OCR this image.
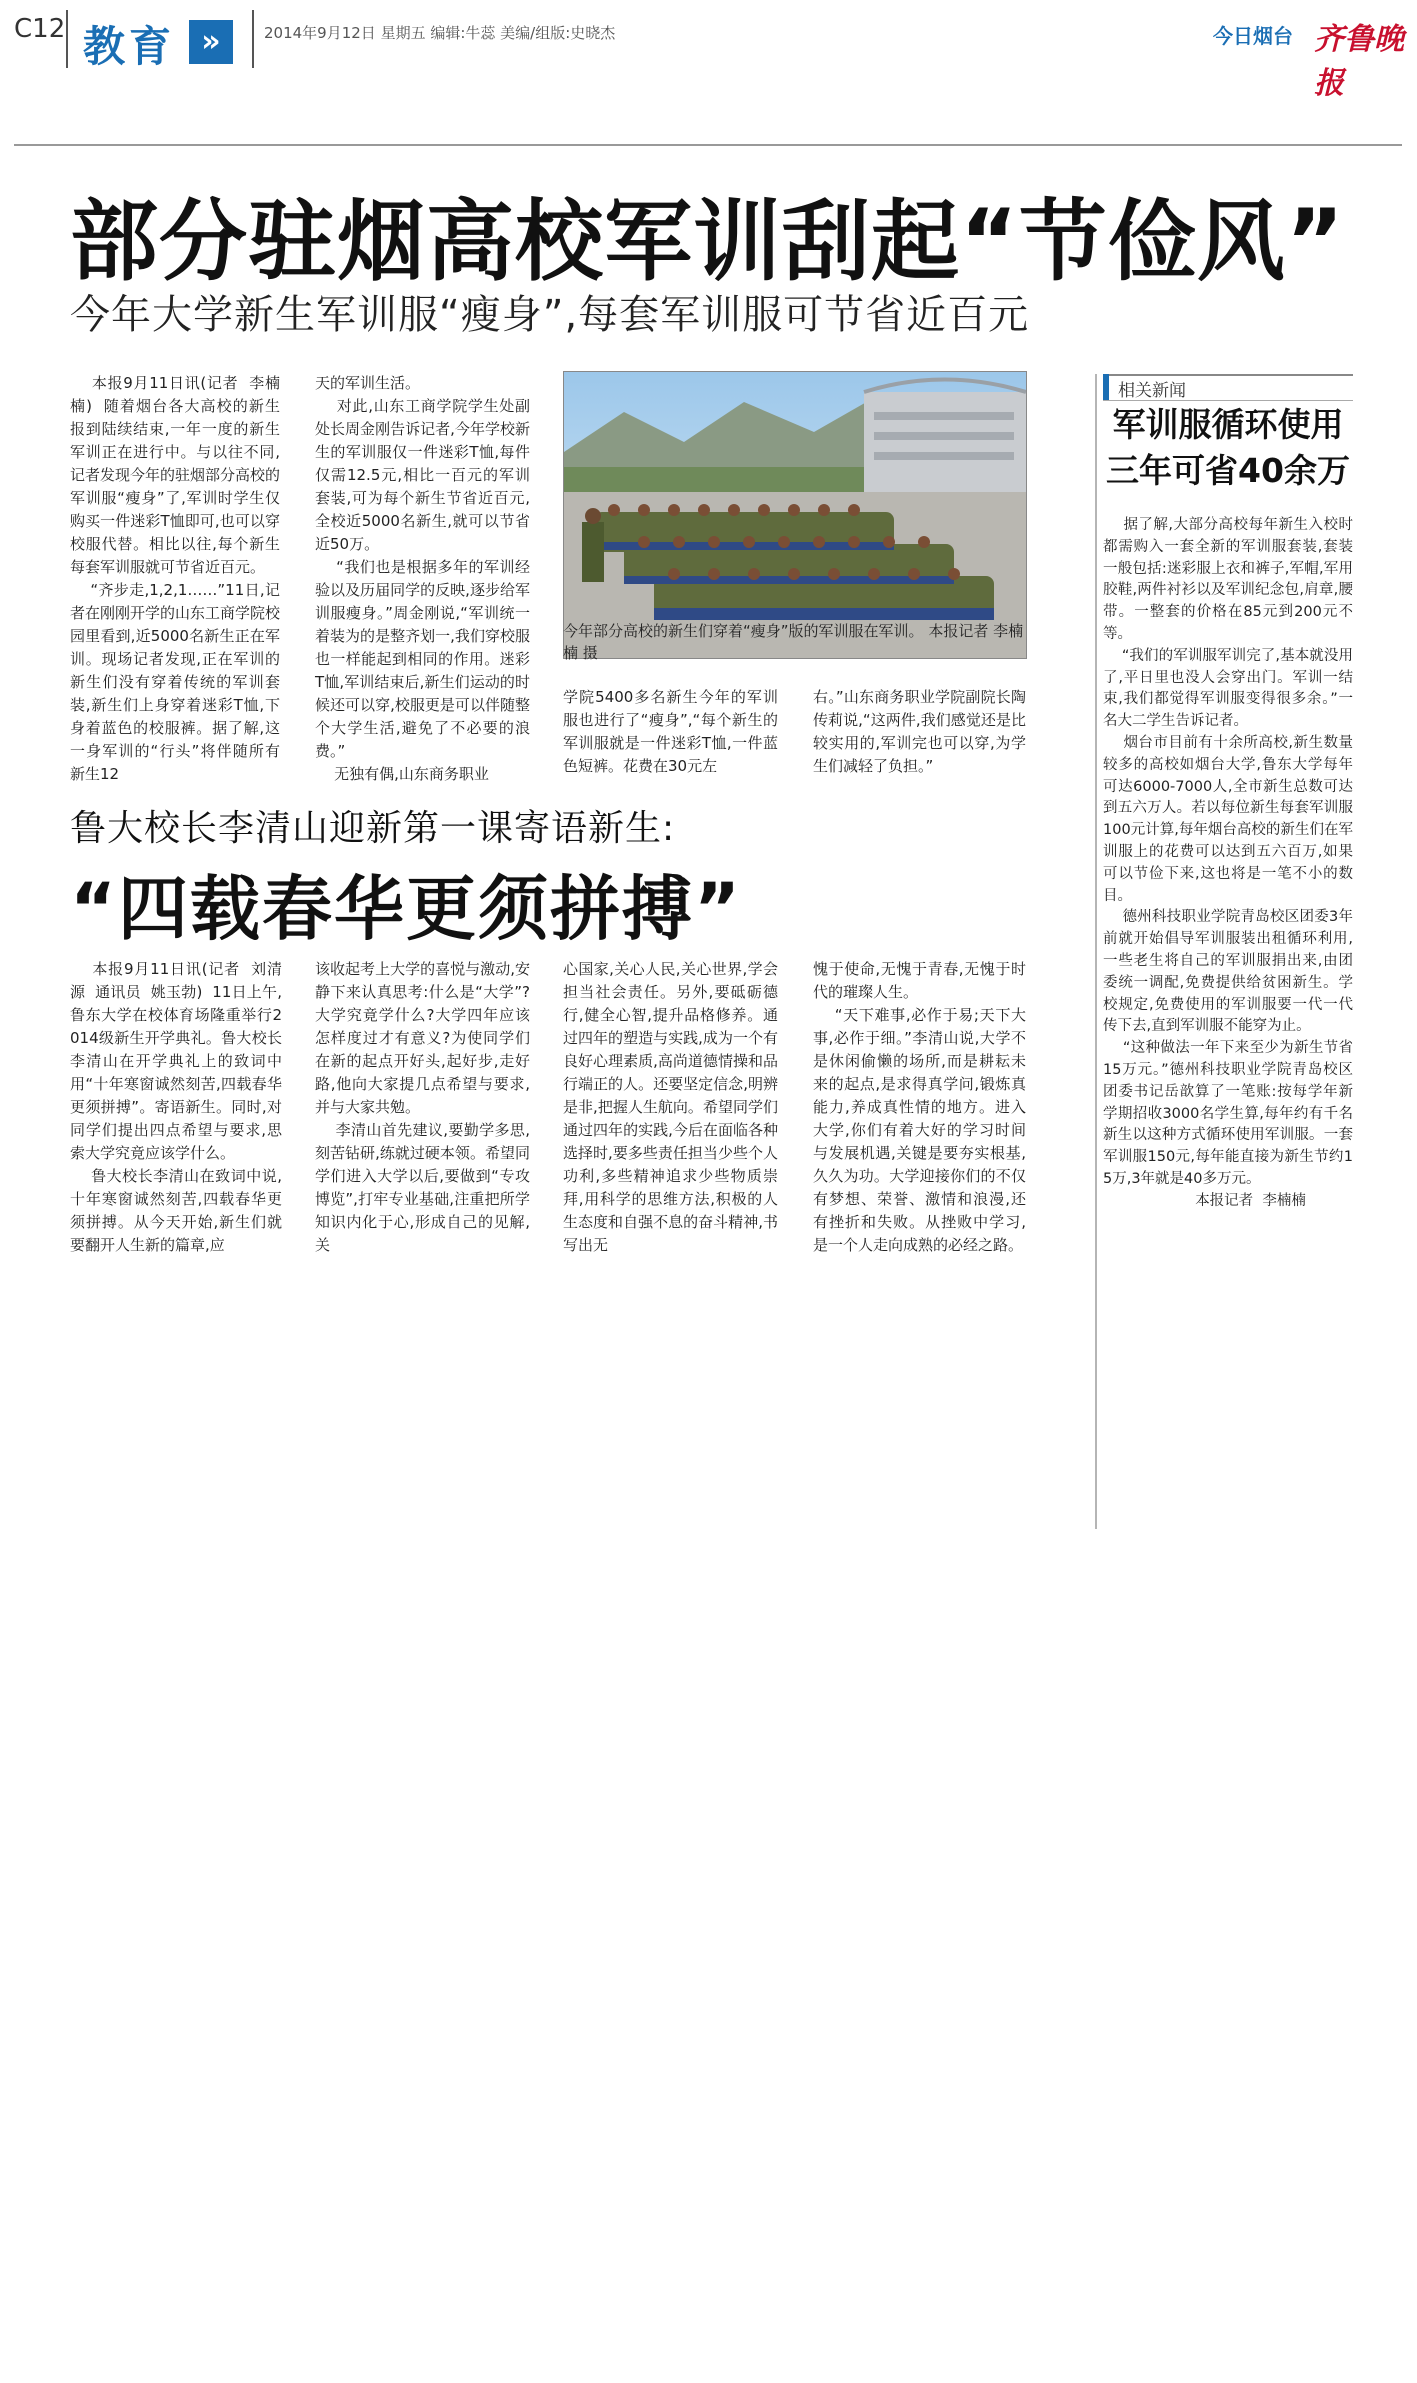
C12 教育 »	2014年9月12日 星期五 编辑:牛蕊 美编/组版:史晓杰	今日烟台 齐鲁晚报
部分驻烟高校军训刮起“节俭风”
今年大学新生军训服“瘦身”,每套军训服可节省近百元
本报9月11日讯(记者  李楠楠)  随着烟台各大高校的新生报到陆续结束,一年一度的新生军训正在进行中。与以往不同,记者发现今年的驻烟部分高校的军训服“瘦身”了,军训时学生仅购买一件迷彩T恤即可,也可以穿校服代替。相比以往,每个新生每套军训服就可节省近百元。
“齐步走,1,2,1……”11日,记者在刚刚开学的山东工商学院校园里看到,近5000名新生正在军训。现场记者发现,正在军训的新生们没有穿着传统的军训套装,新生们上身穿着迷彩T恤,下身着蓝色的校服裤。据了解,这一身军训的“行头”将伴随所有新生12
天的军训生活。
对此,山东工商学院学生处副处长周金刚告诉记者,今年学校新生的军训服仅一件迷彩T恤,每件仅需12.5元,相比一百元的军训套装,可为每个新生节省近百元,全校近5000名新生,就可以节省近50万。
“我们也是根据多年的军训经验以及历届同学的反映,逐步给军训服瘦身。”周金刚说,“军训统一着装为的是整齐划一,我们穿校服也一样能起到相同的作用。迷彩T恤,军训结束后,新生们运动的时候还可以穿,校服更是可以伴随整个大学生活,避免了不必要的浪费。”
无独有偶,山东商务职业
今年部分高校的新生们穿着“瘦身”版的军训服在军训。 本报记者 李楠楠 摄
学院5400多名新生今年的军训服也进行了“瘦身”,“每个新生的军训服就是一件迷彩T恤,一件蓝色短裤。花费在30元左
右。”山东商务职业学院副院长陶传莉说,“这两件,我们感觉还是比较实用的,军训完也可以穿,为学生们减轻了负担。”
鲁大校长李清山迎新第一课寄语新生:
“四载春华更须拼搏”
本报9月11日讯(记者  刘清源  通讯员  姚玉勃)  11日上午,鲁东大学在校体育场隆重举行2014级新生开学典礼。鲁大校长李清山在开学典礼上的致词中用“十年寒窗诚然刻苦,四载春华更须拼搏”。寄语新生。同时,对同学们提出四点希望与要求,思索大学究竟应该学什么。
鲁大校长李清山在致词中说,十年寒窗诚然刻苦,四载春华更须拼搏。从今天开始,新生们就要翻开人生新的篇章,应
该收起考上大学的喜悦与激动,安静下来认真思考:什么是“大学”?大学究竟学什么?大学四年应该怎样度过才有意义?为使同学们在新的起点开好头,起好步,走好路,他向大家提几点希望与要求,并与大家共勉。
李清山首先建议,要勤学多思,刻苦钻研,练就过硬本领。希望同学们进入大学以后,要做到“专攻博览”,打牢专业基础,注重把所学知识内化于心,形成自己的见解,关
心国家,关心人民,关心世界,学会担当社会责任。另外,要砥砺德行,健全心智,提升品格修养。通过四年的塑造与实践,成为一个有良好心理素质,高尚道德情操和品行端正的人。还要坚定信念,明辨是非,把握人生航向。希望同学们通过四年的实践,今后在面临各种选择时,要多些责任担当少些个人功利,多些精神追求少些物质崇拜,用科学的思维方法,积极的人生态度和自强不息的奋斗精神,书写出无
愧于使命,无愧于青春,无愧于时代的璀璨人生。
“天下难事,必作于易;天下大事,必作于细。”李清山说,大学不是休闲偷懒的场所,而是耕耘未来的起点,是求得真学问,锻炼真能力,养成真性情的地方。进入大学,你们有着大好的学习时间与发展机遇,关键是要夯实根基,久久为功。大学迎接你们的不仅有梦想、荣誉、激情和浪漫,还有挫折和失败。从挫败中学习,是一个人走向成熟的必经之路。
相关新闻
军训服循环使用
三年可省40余万
据了解,大部分高校每年新生入校时都需购入一套全新的军训服套装,套装一般包括:迷彩服上衣和裤子,军帽,军用胶鞋,两件衬衫以及军训纪念包,肩章,腰带。一整套的价格在85元到200元不等。
“我们的军训服军训完了,基本就没用了,平日里也没人会穿出门。军训一结束,我们都觉得军训服变得很多余。”一名大二学生告诉记者。
烟台市目前有十余所高校,新生数量较多的高校如烟台大学,鲁东大学每年可达6000-7000人,全市新生总数可达到五六万人。若以每位新生每套军训服100元计算,每年烟台高校的新生们在军训服上的花费可以达到五六百万,如果可以节俭下来,这也将是一笔不小的数目。
德州科技职业学院青岛校区团委3年前就开始倡导军训服装出租循环利用,一些老生将自己的军训服捐出来,由团委统一调配,免费提供给贫困新生。学校规定,免费使用的军训服要一代一代传下去,直到军训服不能穿为止。
“这种做法一年下来至少为新生节省15万元。”德州科技职业学院青岛校区团委书记岳歆算了一笔账:按每学年新学期招收3000名学生算,每年约有千名新生以这种方式循环使用军训服。一套军训服150元,每年能直接为新生节约15万,3年就是40多万元。
本报记者  李楠楠
